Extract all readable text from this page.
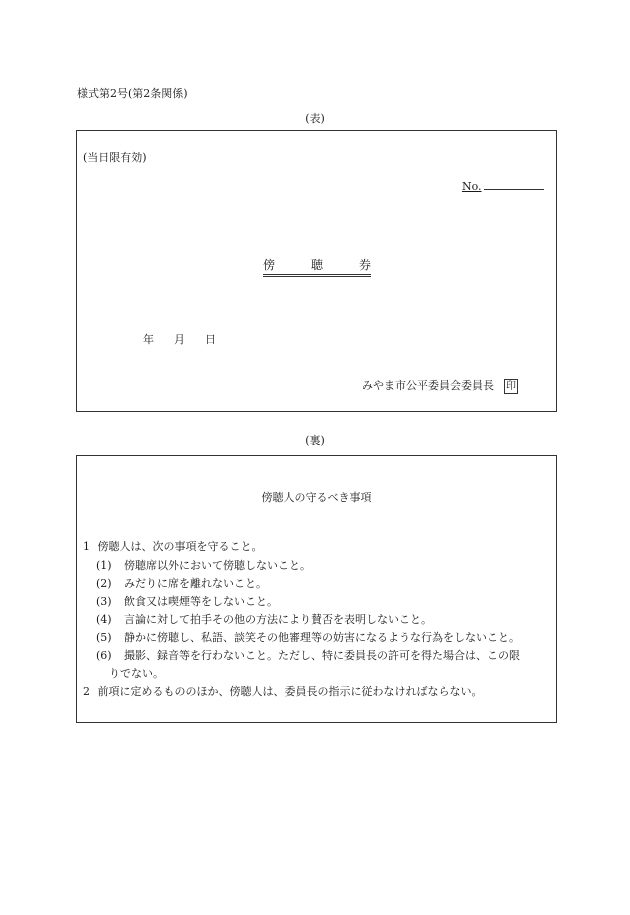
様式第2号(第2条関係)
(表)
(当日限有効)
No.
傍	聴	券
年 月 日
みやま市公平委員会委員長 印
(裏)
傍聴人の守るべき事項
1 傍聴人は、次の事項を守ること。
(1) 傍聴席以外において傍聴しないこと。
(2) みだりに席を離れないこと。
(3) 飲食又は喫煙等をしないこと。
(4) 言論に対して拍手その他の方法により賛否を表明しないこと。
(5) 静かに傍聴し、私語、談笑その他審理等の妨害になるような行為をしないこと。
(6) 撮影、録音等を行わないこと。ただし、特に委員長の許可を得た場合は、この限
りでない。
2 前項に定めるもののほか、傍聴人は、委員長の指示に従わなければならない。
